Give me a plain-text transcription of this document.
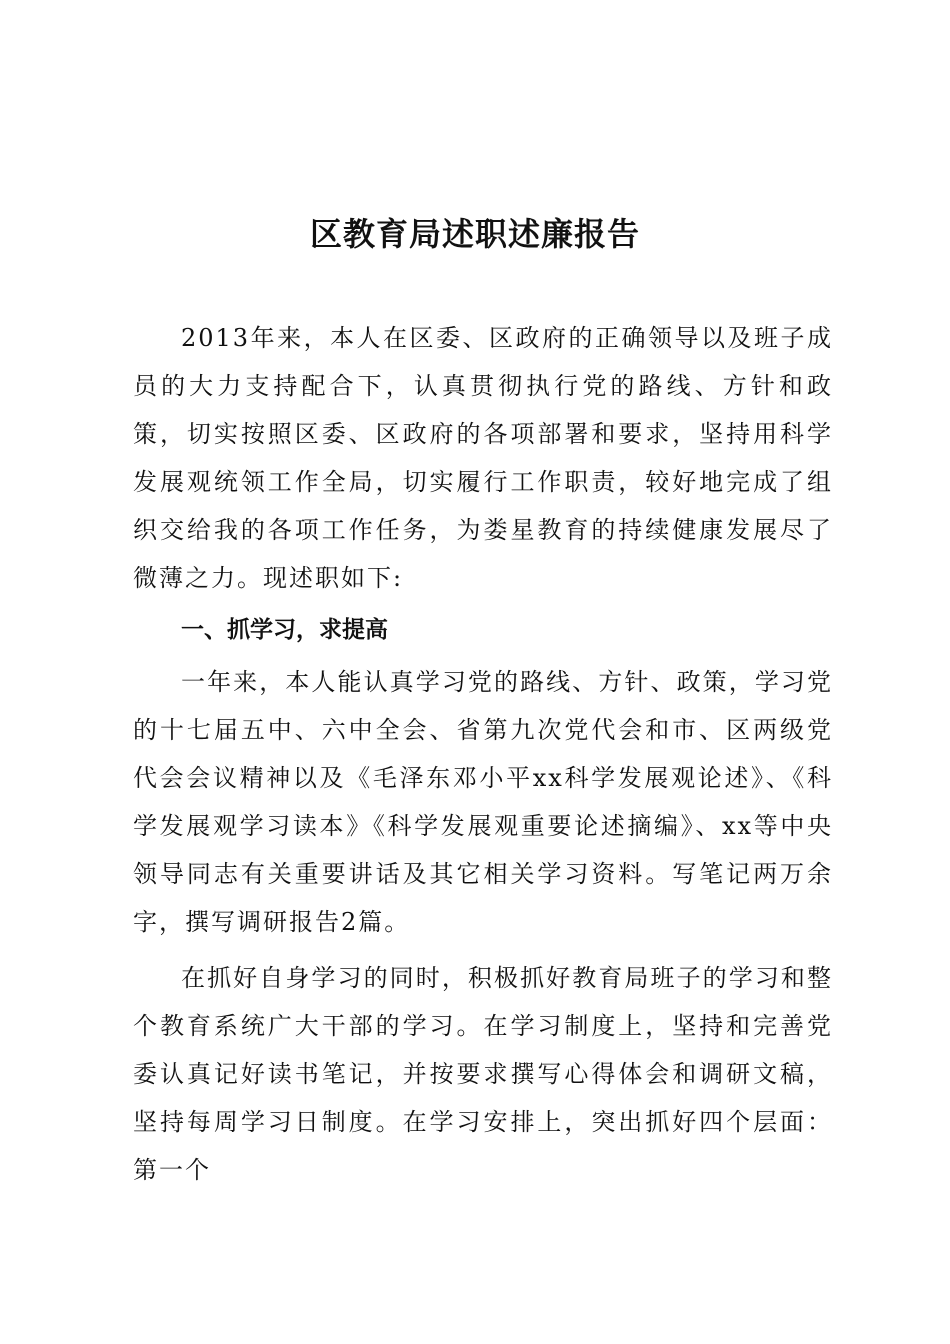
区教育局述职述廉报告

2013年来，本人在区委、区政府的正确领导以及班子成员的大力支持配合下，认真贯彻执行党的路线、方针和政策，切实按照区委、区政府的各项部署和要求，坚持用科学发展观统领工作全局，切实履行工作职责，较好地完成了组织交给我的各项工作任务，为娄星教育的持续健康发展尽了微薄之力。现述职如下:

一、抓学习，求提高

一年来，本人能认真学习党的路线、方针、政策，学习党的十七届五中、六中全会、省第九次党代会和市、区两级党代会会议精神以及《毛泽东邓小平xx科学发展观论述》、《科学发展观学习读本》《科学发展观重要论述摘编》、xx等中央领导同志有关重要讲话及其它相关学习资料。写笔记两万余字，撰写调研报告2篇。

在抓好自身学习的同时，积极抓好教育局班子的学习和整个教育系统广大干部的学习。在学习制度上，坚持和完善党委认真记好读书笔记，并按要求撰写心得体会和调研文稿，坚持每周学习日制度。在学习安排上，突出抓好四个层面：第一个
